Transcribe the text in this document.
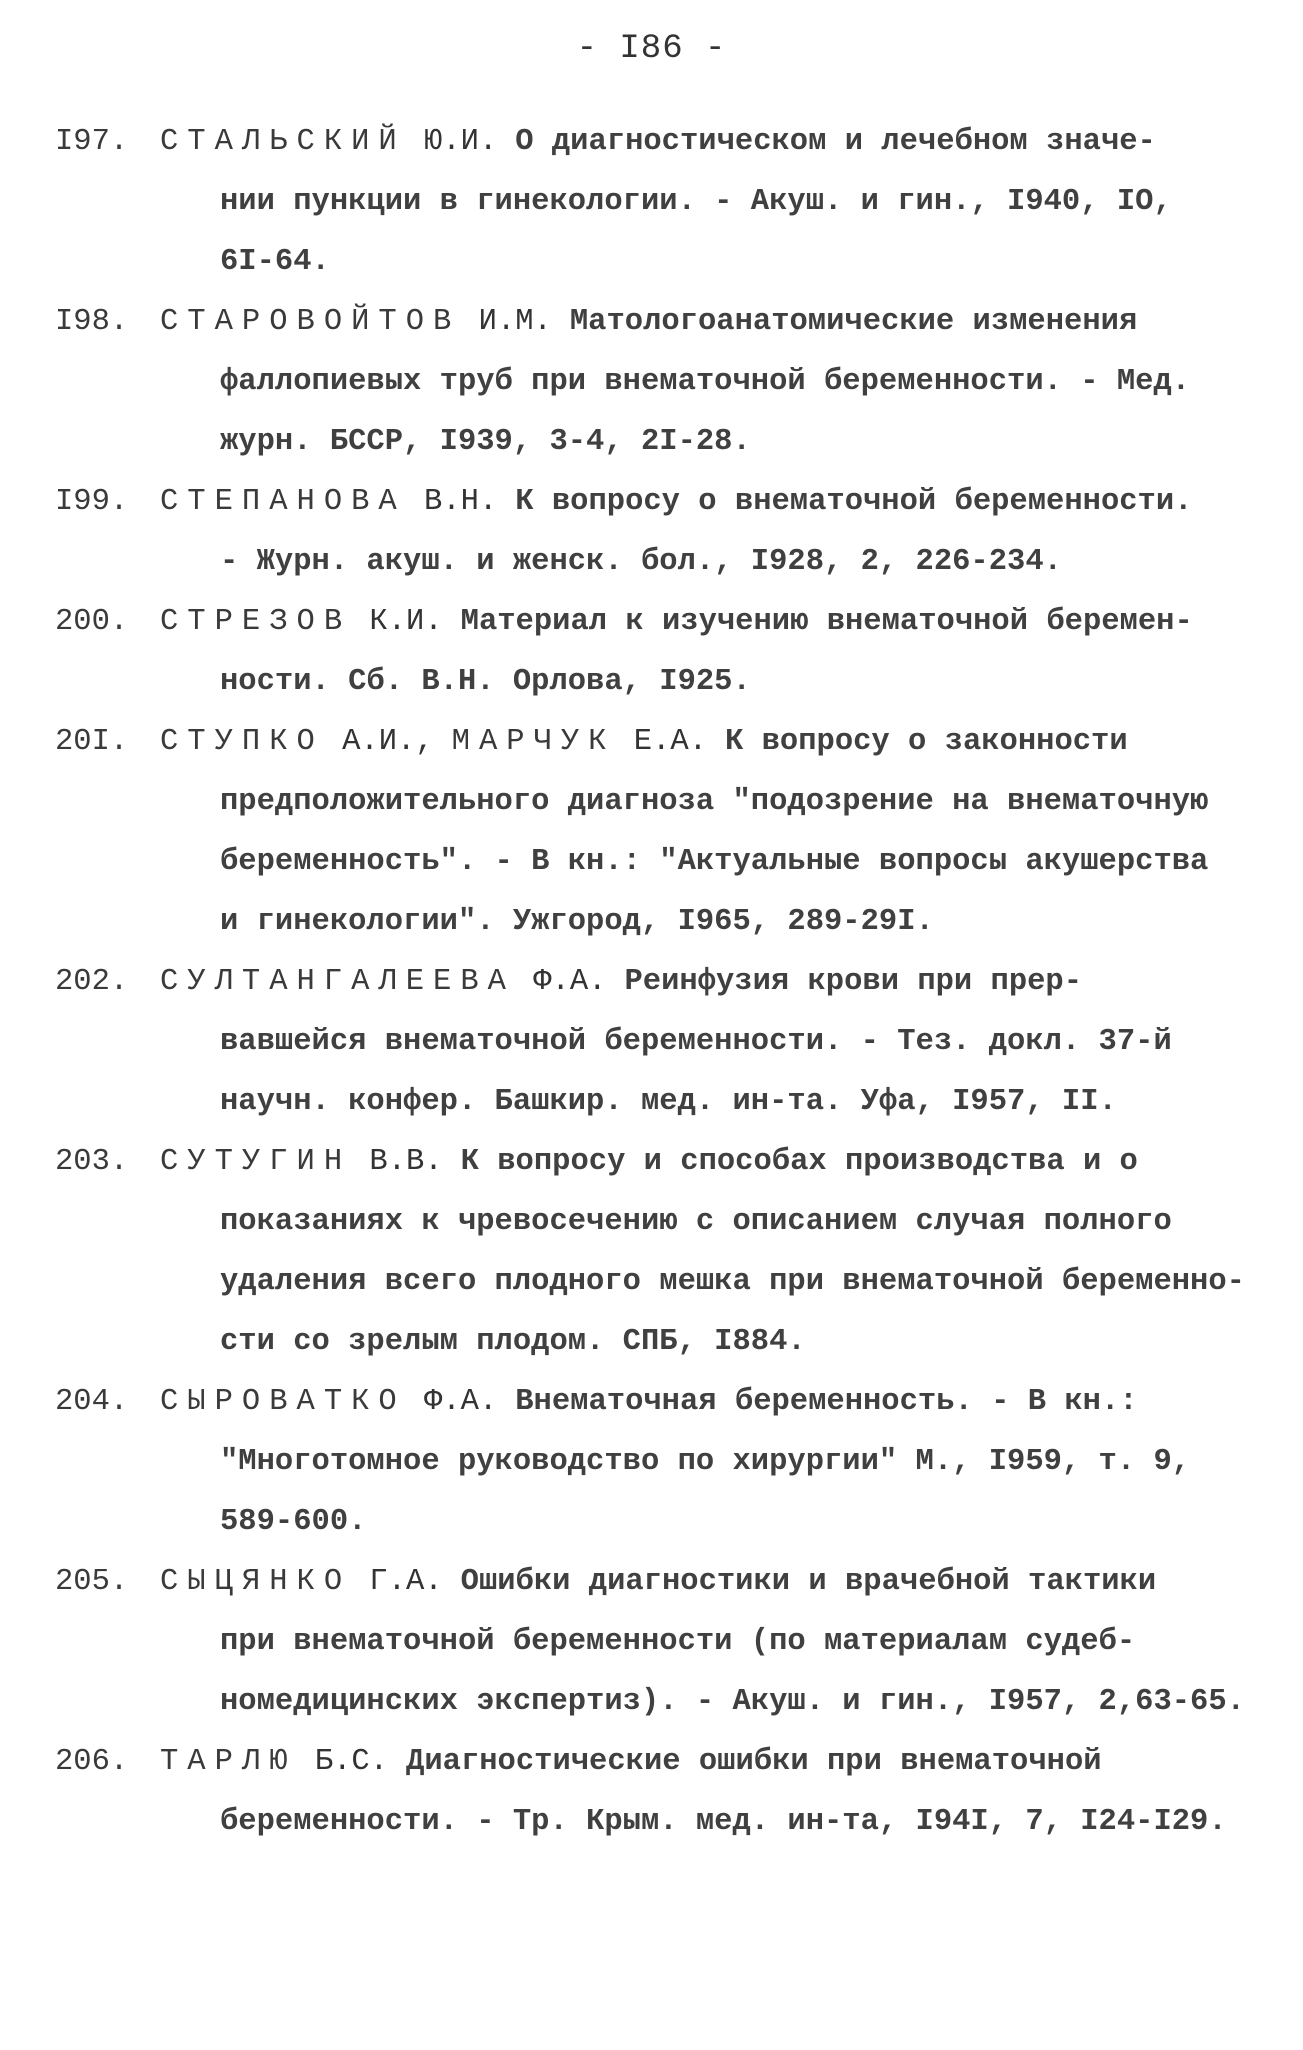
- I86 -
I97.	СТАЛЬСКИЙ Ю.И. О диагностическом и лечебном значе-
нии пункции в гинекологии. - Акуш. и гин., I940, IO,
6I-64.
I98.	СТАРОВОЙТОВ И.М. Матологоанатомические изменения
фаллопиевых труб при внематочной беременности. - Мед.
журн. БССР, I939, 3-4, 2I-28.
I99.	СТЕПАНОВА В.Н. К вопросу о внематочной беременности.
- Журн. акуш. и женск. бол., I928, 2, 226-234.
200.	СТРЕЗОВ К.И. Материал к изучению внематочной беремен-
ности. Сб. В.Н. Орлова, I925.
20I.	СТУПКО А.И., МАРЧУК Е.А. К вопросу о законности
предположительного диагноза "подозрение на внематочную
беременность". - В кн.: "Актуальные вопросы акушерства
и гинекологии". Ужгород, I965, 289-29I.
202.	СУЛТАНГАЛЕЕВА Ф.А. Реинфузия крови при прер-
вавшейся внематочной беременности. - Тез. докл. 37-й
научн. конфер. Башкир. мед. ин-та. Уфа, I957, II.
203.	СУТУГИН В.В. К вопросу и способах производства и о
показаниях к чревосечению с описанием случая полного
удаления всего плодного мешка при внематочной беременно-
сти со зрелым плодом. СПБ, I884.
204.	СЫРОВАТКО Ф.А. Внематочная беременность. - В кн.:
"Многотомное руководство по хирургии" М., I959, т. 9,
589-600.
205.	СЫЦЯНКО Г.А. Ошибки диагностики и врачебной тактики
при внематочной беременности (по материалам судеб-
номедицинских экспертиз). - Акуш. и гин., I957, 2,63-65.
206.	ТАРЛЮ Б.С. Диагностические ошибки при внематочной
беременности. - Тр. Крым. мед. ин-та, I94I, 7, I24-I29.
